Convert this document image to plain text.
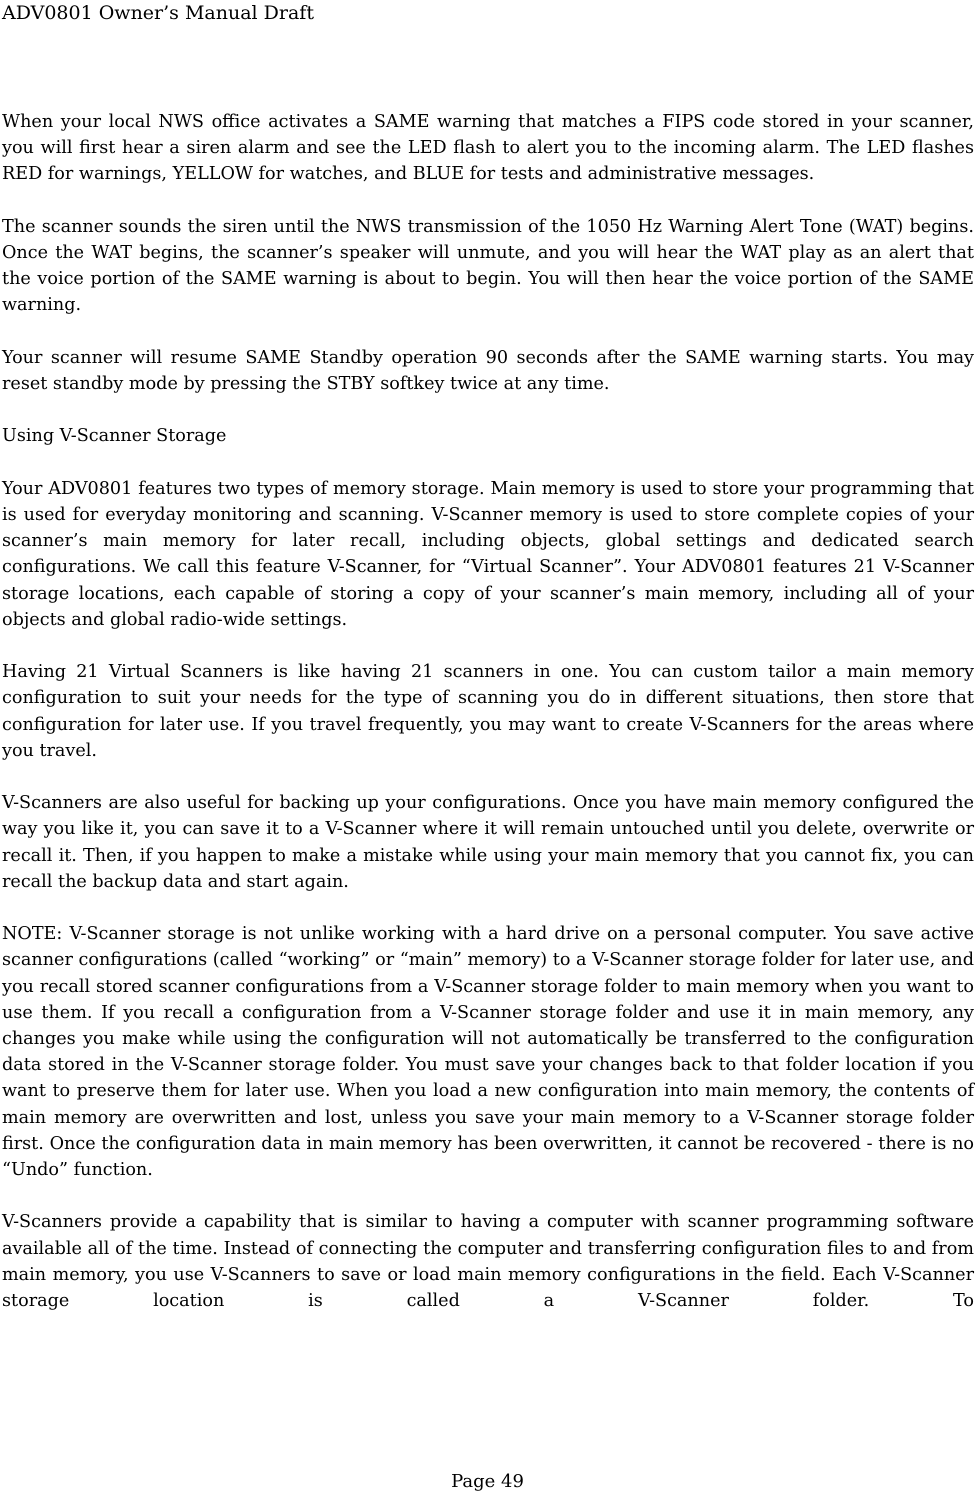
ADV0801 Owner’s Manual Draft

When your local NWS office activates a SAME warning that matches a FIPS code stored in your scanner, you will first hear a siren alarm and see the LED flash to alert you to the incoming alarm. The LED flashes RED for warnings, YELLOW for watches, and BLUE for tests and administrative messages.

The scanner sounds the siren until the NWS transmission of the 1050 Hz Warning Alert Tone (WAT) begins. Once the WAT begins, the scanner’s speaker will unmute, and you will hear the WAT play as an alert that the voice portion of the SAME warning is about to begin. You will then hear the voice portion of the SAME warning.

Your scanner will resume SAME Standby operation 90 seconds after the SAME warning starts. You may reset standby mode by pressing the STBY softkey twice at any time.

Using V-Scanner Storage

Your ADV0801 features two types of memory storage. Main memory is used to store your programming that is used for everyday monitoring and scanning. V-Scanner memory is used to store complete copies of your scanner’s main memory for later recall, including objects, global settings and dedicated search configurations. We call this feature V-Scanner, for “Virtual Scanner”. Your ADV0801 features 21 V-Scanner storage locations, each capable of storing a copy of your scanner’s main memory, including all of your objects and global radio-wide settings.

Having 21 Virtual Scanners is like having 21 scanners in one. You can custom tailor a main memory configuration to suit your needs for the type of scanning you do in different situations, then store that configuration for later use. If you travel frequently, you may want to create V-Scanners for the areas where you travel.

V-Scanners are also useful for backing up your configurations. Once you have main memory configured the way you like it, you can save it to a V-Scanner where it will remain untouched until you delete, overwrite or recall it. Then, if you happen to make a mistake while using your main memory that you cannot fix, you can recall the backup data and start again.

NOTE: V-Scanner storage is not unlike working with a hard drive on a personal computer. You save active scanner configurations (called “working” or “main” memory) to a V-Scanner storage folder for later use, and you recall stored scanner configurations from a V-Scanner storage folder to main memory when you want to use them. If you recall a configuration from a V-Scanner storage folder and use it in main memory, any changes you make while using the configuration will not automatically be transferred to the configuration data stored in the V-Scanner storage folder. You must save your changes back to that folder location if you want to preserve them for later use. When you load a new configuration into main memory, the contents of main memory are overwritten and lost, unless you save your main memory to a V-Scanner storage folder first. Once the configuration data in main memory has been overwritten, it cannot be recovered - there is no “Undo” function.

V-Scanners provide a capability that is similar to having a computer with scanner programming software available all of the time. Instead of connecting the computer and transferring configuration files to and from main memory, you use V-Scanners to save or load main memory configurations in the field. Each V-Scanner storage location is called a V-Scanner folder. To

Page 49
